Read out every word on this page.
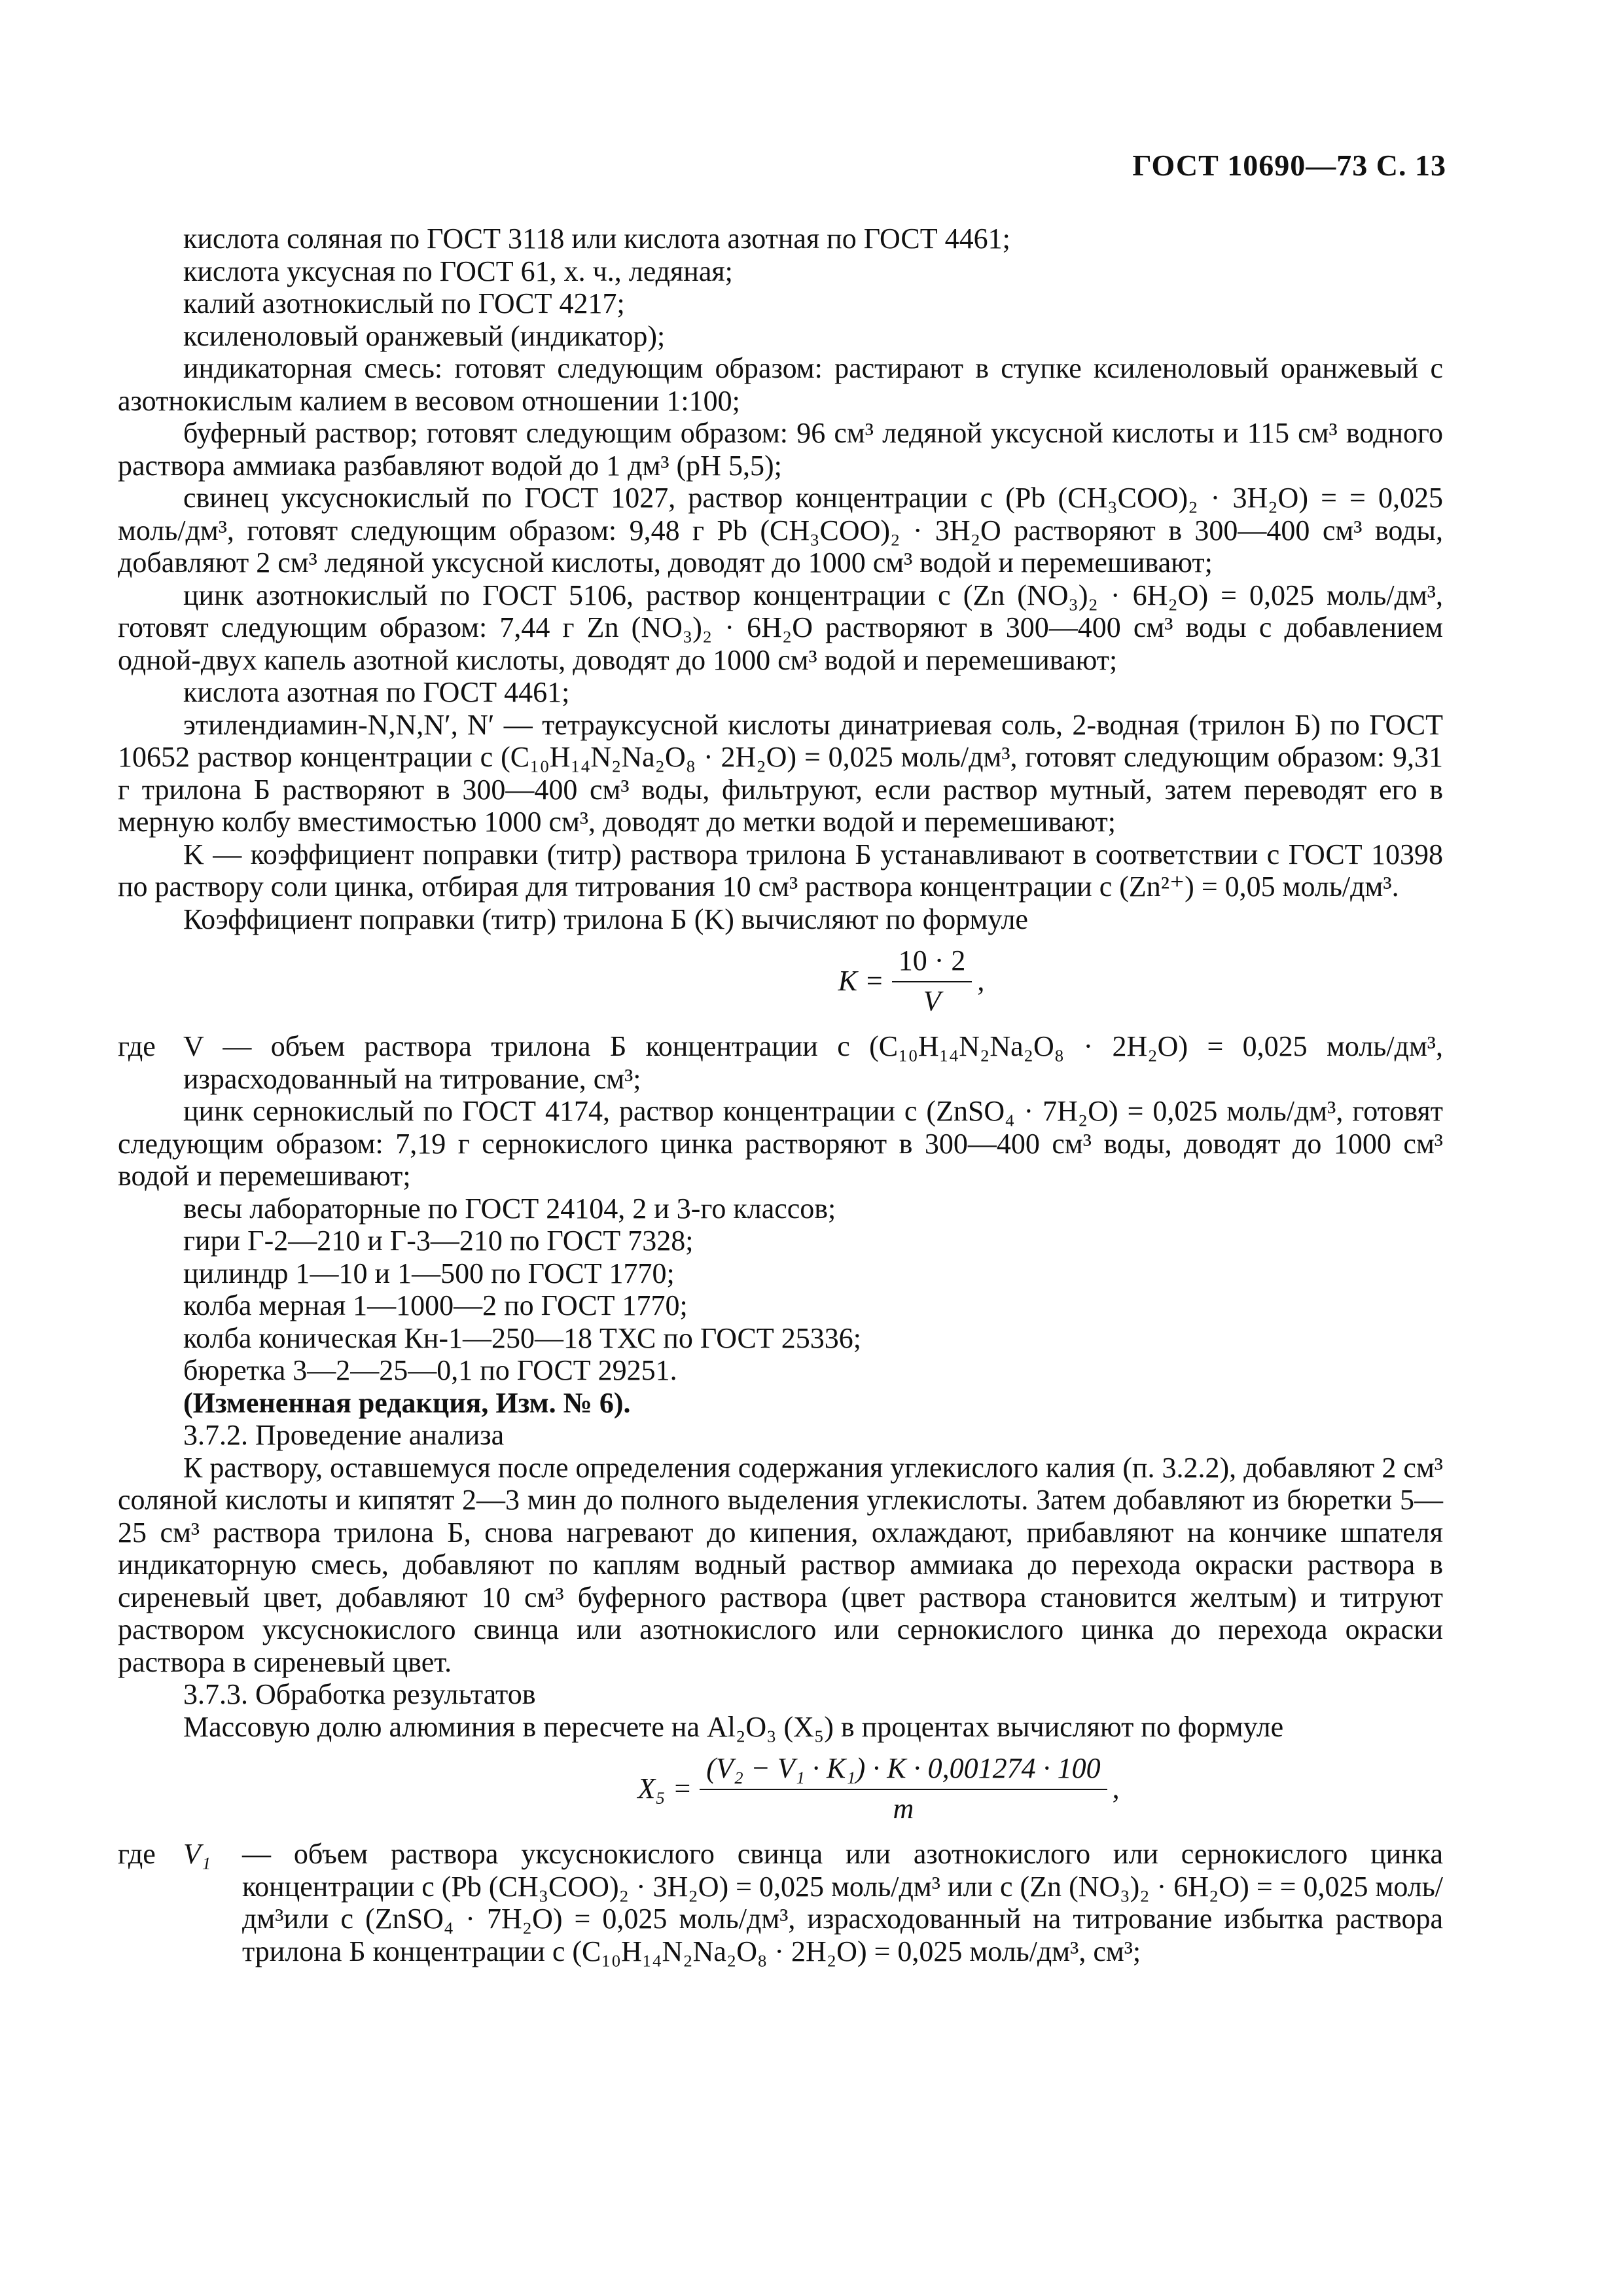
ГОСТ 10690—73 С. 13

кислота соляная по ГОСТ 3118 или кислота азотная по ГОСТ 4461;

кислота уксусная по ГОСТ 61, х. ч., ледяная;

калий азотнокислый по ГОСТ 4217;

ксиленоловый оранжевый (индикатор);

индикаторная смесь: готовят следующим образом: растирают в ступке ксиленоловый оранжевый с азотнокислым калием в весовом отношении 1:100;

буферный раствор; готовят следующим образом: 96 см³ ледяной уксусной кислоты и 115 см³ водного раствора аммиака разбавляют водой до 1 дм³ (рН 5,5);

свинец уксуснокислый по ГОСТ 1027, раствор концентрации c (Pb (CH₃COO)₂ · 3H₂O) = = 0,025 моль/дм³, готовят следующим образом: 9,48 г Pb (CH₃COO)₂ · 3H₂O растворяют в 300—400 см³ воды, добавляют 2 см³ ледяной уксусной кислоты, доводят до 1000 см³ водой и перемешивают;

цинк азотнокислый по ГОСТ 5106, раствор концентрации c (Zn (NO₃)₂ · 6H₂O) = 0,025 моль/дм³, готовят следующим образом: 7,44 г Zn (NO₃)₂ · 6H₂O растворяют в 300—400 см³ воды с добавлением одной-двух капель азотной кислоты, доводят до 1000 см³ водой и перемешивают;

кислота азотная по ГОСТ 4461;

этилендиамин-N,N,N′, N′ — тетрауксусной кислоты динатриевая соль, 2-водная (трилон Б) по ГОСТ 10652 раствор концентрации c (C₁₀H₁₄N₂Na₂O₈ · 2H₂O) = 0,025 моль/дм³, готовят следующим образом: 9,31 г трилона Б растворяют в 300—400 см³ воды, фильтруют, если раствор мутный, затем переводят его в мерную колбу вместимостью 1000 см³, доводят до метки водой и перемешивают;

K — коэффициент поправки (титр) раствора трилона Б устанавливают в соответствии с ГОСТ 10398 по раствору соли цинка, отбирая для титрования 10 см³ раствора концентрации c (Zn²⁺) = 0,05 моль/дм³.

Коэффициент поправки (титр) трилона Б (K) вычисляют по формуле

$K = \frac{10 \cdot 2}{V}$ ,
где V — объем раствора трилона Б концентрации c (C₁₀H₁₄N₂Na₂O₈ · 2H₂O) = 0,025 моль/дм³, израсходованный на титрование, см³;

цинк сернокислый по ГОСТ 4174, раствор концентрации c (ZnSO₄ · 7H₂O) = 0,025 моль/дм³, готовят следующим образом: 7,19 г сернокислого цинка растворяют в 300—400 см³ воды, доводят до 1000 см³ водой и перемешивают;

весы лабораторные по ГОСТ 24104, 2 и 3-го классов;

гири Г-2—210 и Г-3—210 по ГОСТ 7328;

цилиндр 1—10 и 1—500 по ГОСТ 1770;

колба мерная 1—1000—2 по ГОСТ 1770;

колба коническая Кн-1—250—18 ТХС по ГОСТ 25336;

бюретка 3—2—25—0,1 по ГОСТ 29251.

(Измененная редакция, Изм. № 6).

3.7.2. Проведение анализа

К раствору, оставшемуся после определения содержания углекислого калия (п. 3.2.2), добавляют 2 см³ соляной кислоты и кипятят 2—3 мин до полного выделения углекислоты. Затем добавляют из бюретки 5—25 см³ раствора трилона Б, снова нагревают до кипения, охлаждают, прибавляют на кончике шпателя индикаторную смесь, добавляют по каплям водный раствор аммиака до перехода окраски раствора в сиреневый цвет, добавляют 10 см³ буферного раствора (цвет раствора становится желтым) и титруют раствором уксуснокислого свинца или азотнокислого или сернокислого цинка до перехода окраски раствора в сиреневый цвет.

3.7.3. Обработка результатов

Массовую долю алюминия в пересчете на Al₂O₃ (X₅) в процентах вычисляют по формуле

$X_5 = \frac{\text{(V₂ − V₁ · K₁) · K · 0,001274 · 100}}{m}$ ,
где V₁	— объем раствора уксуснокислого свинца или азотнокислого или сернокислого цинка концентрации c (Pb (CH₃COO)₂ · 3H₂O) = 0,025 моль/дм³ или c (Zn (NO₃)₂ · 6H₂O) = = 0,025 моль/дм³или c (ZnSO₄ · 7H₂O) = 0,025 моль/дм³, израсходованный на титрование избытка раствора трилона Б концентрации c (C₁₀H₁₄N₂Na₂O₈ · 2H₂O) = 0,025 моль/дм³, см³;
